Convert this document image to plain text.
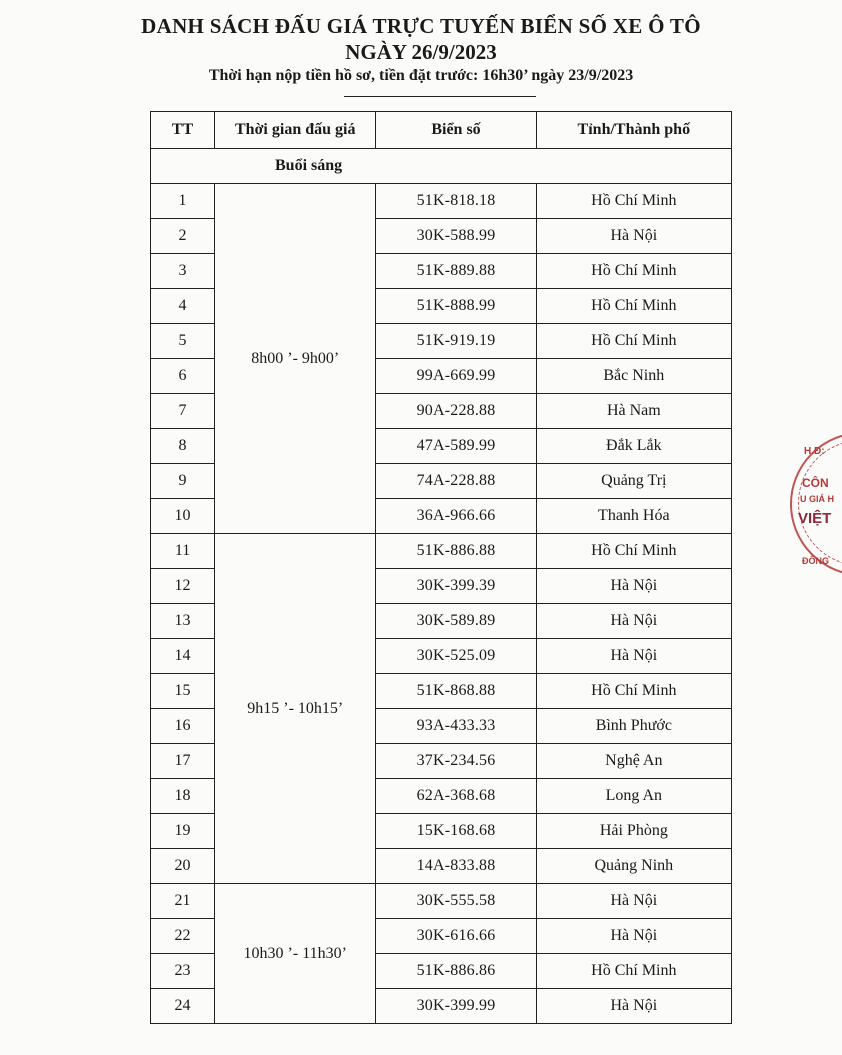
DANH SÁCH ĐẤU GIÁ TRỰC TUYẾN BIỂN SỐ XE Ô TÔ
NGÀY 26/9/2023
Thời hạn nộp tiền hồ sơ, tiền đặt trước: 16h30’ ngày 23/9/2023
TT	Thời gian đấu giá	Biển số	Tỉnh/Thành phố
Buổi sáng			
1	8h00 ’- 9h00’	51K-818.18	Hồ Chí Minh
2		30K-588.99	Hà Nội
3		51K-889.88	Hồ Chí Minh
4		51K-888.99	Hồ Chí Minh
5		51K-919.19	Hồ Chí Minh
6		99A-669.99	Bắc Ninh
7		90A-228.88	Hà Nam
8		47A-589.99	Đắk Lắk
9		74A-228.88	Quảng Trị
10		36A-966.66	Thanh Hóa
11	9h15 ’- 10h15’	51K-886.88	Hồ Chí Minh
12		30K-399.39	Hà Nội
13		30K-589.89	Hà Nội
14		30K-525.09	Hà Nội
15		51K-868.88	Hồ Chí Minh
16		93A-433.33	Bình Phước
17		37K-234.56	Nghệ An
18		62A-368.68	Long An
19		15K-168.68	Hải Phòng
20		14A-833.88	Quảng Ninh
21	10h30 ’- 11h30’	30K-555.58	Hà Nội
22		30K-616.66	Hà Nội
23		51K-886.86	Hồ Chí Minh
24		30K-399.99	Hà Nội
H.Đ:
CÔN
U GIÁ H
VIỆT
ĐÔNG
